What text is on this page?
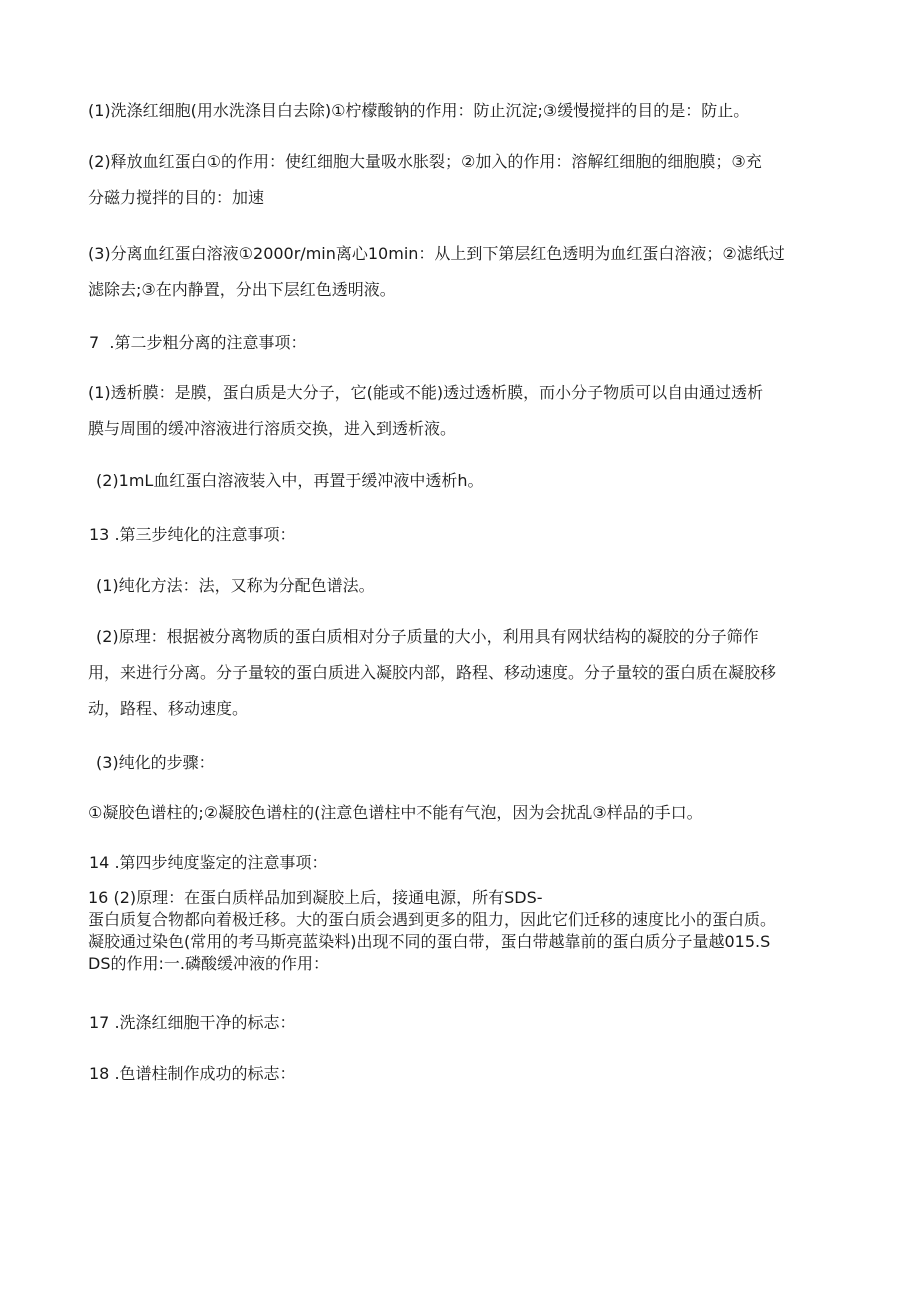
(1)洗涤红细胞(用水洗涤目白去除)①柠檬酸钠的作用：防止沉淀;③缓慢搅拌的目的是：防止。
(2)释放血红蛋白①的作用：使红细胞大量吸水胀裂；②加入的作用：溶解红细胞的细胞膜；③充
分磁力搅拌的目的：加速
(3)分离血红蛋白溶液①2000r/min离心10min：从上到下第层红色透明为血红蛋白溶液；②滤纸过
滤除去;③在内静置，分出下层红色透明液。
7  .第二步粗分离的注意事项：
(1)透析膜：是膜，蛋白质是大分子，它(能或不能)透过透析膜，而小分子物质可以自由通过透析
膜与周围的缓冲溶液进行溶质交换，进入到透析液。
(2)1mL血红蛋白溶液装入中，再置于缓冲液中透析h。
13 .第三步纯化的注意事项：
(1)纯化方法：法，又称为分配色谱法。
(2)原理：根据被分离物质的蛋白质相对分子质量的大小，利用具有网状结构的凝胶的分子筛作
用，来进行分离。分子量较的蛋白质进入凝胶内部，路程、移动速度。分子量较的蛋白质在凝胶移
动，路程、移动速度。
(3)纯化的步骤：
①凝胶色谱柱的;②凝胶色谱柱的(注意色谱柱中不能有气泡，因为会扰乱③样品的手口。
14 .第四步纯度鉴定的注意事项：
16 (2)原理：在蛋白质样品加到凝胶上后，接通电源，所有SDS-
蛋白质复合物都向着极迁移。大的蛋白质会遇到更多的阻力，因此它们迁移的速度比小的蛋白质。
凝胶通过染色(常用的考马斯亮蓝染料)出现不同的蛋白带，蛋白带越靠前的蛋白质分子量越015.S
DS的作用:一.磷酸缓冲液的作用：
17 .洗涤红细胞干净的标志：
18 .色谱柱制作成功的标志：
